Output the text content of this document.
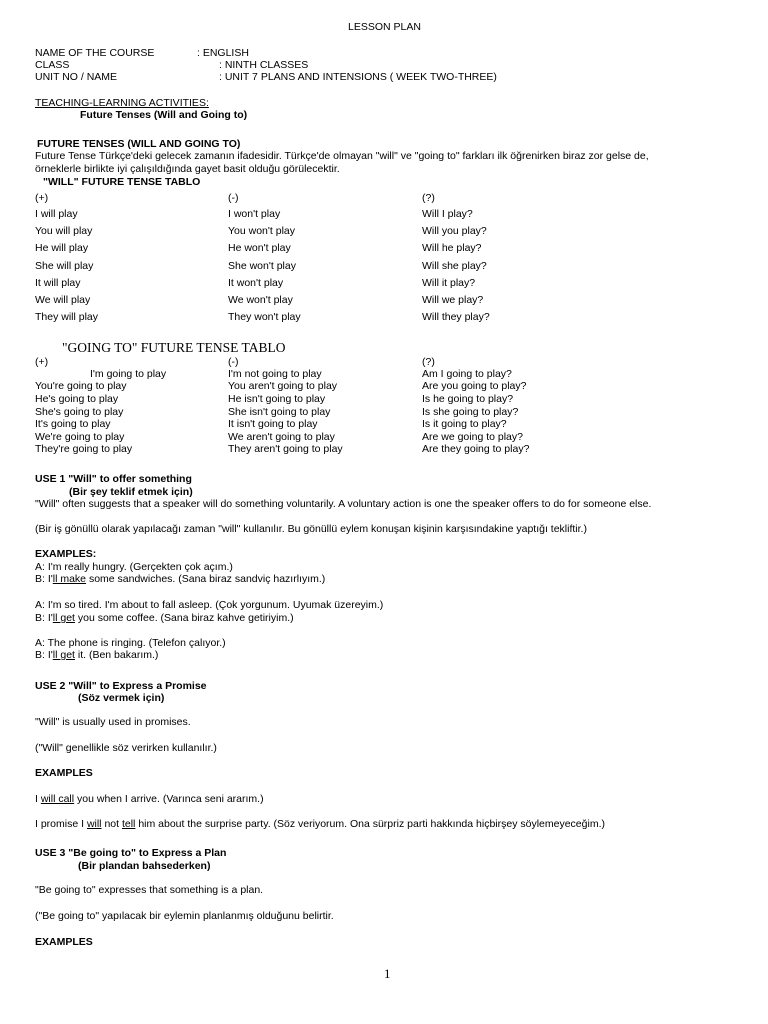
LESSON PLAN
NAME OF THE COURSE	: ENGLISH
CLASS	: NINTH CLASSES
UNIT NO / NAME	: UNIT 7 PLANS AND INTENSIONS ( WEEK TWO-THREE)
TEACHING-LEARNING ACTIVITIES:
Future Tenses (Will and Going to)
FUTURE TENSES (WILL AND GOING TO)
Future Tense Türkçe'deki gelecek zamanın ifadesidir. Türkçe'de olmayan "will" ve "going to" farkları ilk öğrenirken biraz zor gelse de,
örneklerle birlikte iyi çalışıldığında gayet basit olduğu görülecektir.
"WILL" FUTURE TENSE TABLO
(+)	(-)	(?)
I will play	I won't play	Will I play?
You will play	You won't play	Will you play?
He will play	He won't play	Will he play?
She will play	She won't play	Will she play?
It will play	It won't play	Will it play?
We will play	We won't play	Will we play?
They will play	They won't play	Will they play?
"GOING TO" FUTURE TENSE TABLO
(+)	(-)	(?)
I'm going to play	I'm not going to play	Am I going to play?
You're going to play	You aren't going to play	Are you going to play?
He's going to play	He isn't going to play	Is he going to play?
She's going to play	She isn't going to play	Is she going to play?
It's going to play	It isn't going to play	Is it going to play?
We're going to play	We aren't going to play	Are we going to play?
They're going to play	They aren't going to play	Are they going to play?
USE 1 "Will" to offer something
(Bir şey teklif etmek için)
"Will" often suggests that a speaker will do something voluntarily. A voluntary action is one the speaker offers to do for someone else.
(Bir iş gönüllü olarak yapılacağı zaman "will" kullanılır. Bu gönüllü eylem konuşan kişinin karşısındakine yaptığı tekliftir.)
EXAMPLES:
A: I'm really hungry. (Gerçekten çok açım.)
B: I'll make some sandwiches. (Sana biraz sandviç hazırlıyım.)
A: I'm so tired. I'm about to fall asleep. (Çok yorgunum. Uyumak üzereyim.)
B: I'll get you some coffee. (Sana biraz kahve getiriyim.)
A: The phone is ringing. (Telefon çalıyor.)
B: I'll get it. (Ben bakarım.)
USE 2 "Will" to Express a Promise
(Söz vermek için)
"Will" is usually used in promises.
("Will" genellikle söz verirken kullanılır.)
EXAMPLES
I will call you when I arrive. (Varınca seni ararım.)
I promise I will not tell him about the surprise party. (Söz veriyorum. Ona sürpriz parti hakkında hiçbirşey söylemeyeceğim.)
USE 3 "Be going to" to Express a Plan
(Bir plandan bahsederken)
"Be going to" expresses that something is a plan.
("Be going to" yapılacak bir eylemin planlanmış olduğunu belirtir.
EXAMPLES
1
